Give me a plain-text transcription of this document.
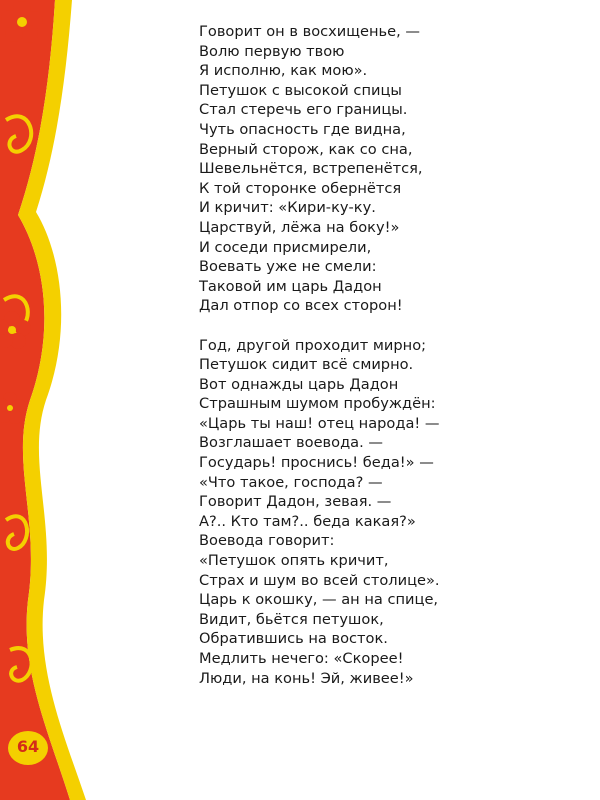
64
Говорит он в восхищенье, —
Волю первую твою
Я исполню, как мою».
Петушок с высокой спицы
Стал стеречь его границы.
Чуть опасность где видна,
Верный сторож, как со сна,
Шевельнётся, встрепенётся,
К той сторонке обернётся
И кричит: «Кири-ку-ку.
Царствуй, лёжа на боку!»
И соседи присмирели,
Воевать уже не смели:
Таковой им царь Дадон
Дал отпор со всех сторон!
Год, другой проходит мирно;
Петушок сидит всё смирно.
Вот однажды царь Дадон
Страшным шумом пробуждён:
«Царь ты наш! отец народа! —
Возглашает воевода. —
Государь! проснись! беда!» —
«Что такое, господа? —
Говорит Дадон, зевая. —
А?.. Кто там?.. беда какая?»
Воевода говорит:
«Петушок опять кричит,
Страх и шум во всей столице».
Царь к окошку, — ан на спице,
Видит, бьётся петушок,
Обратившись на восток.
Медлить нечего: «Скорее!
Люди, на конь! Эй, живее!»
